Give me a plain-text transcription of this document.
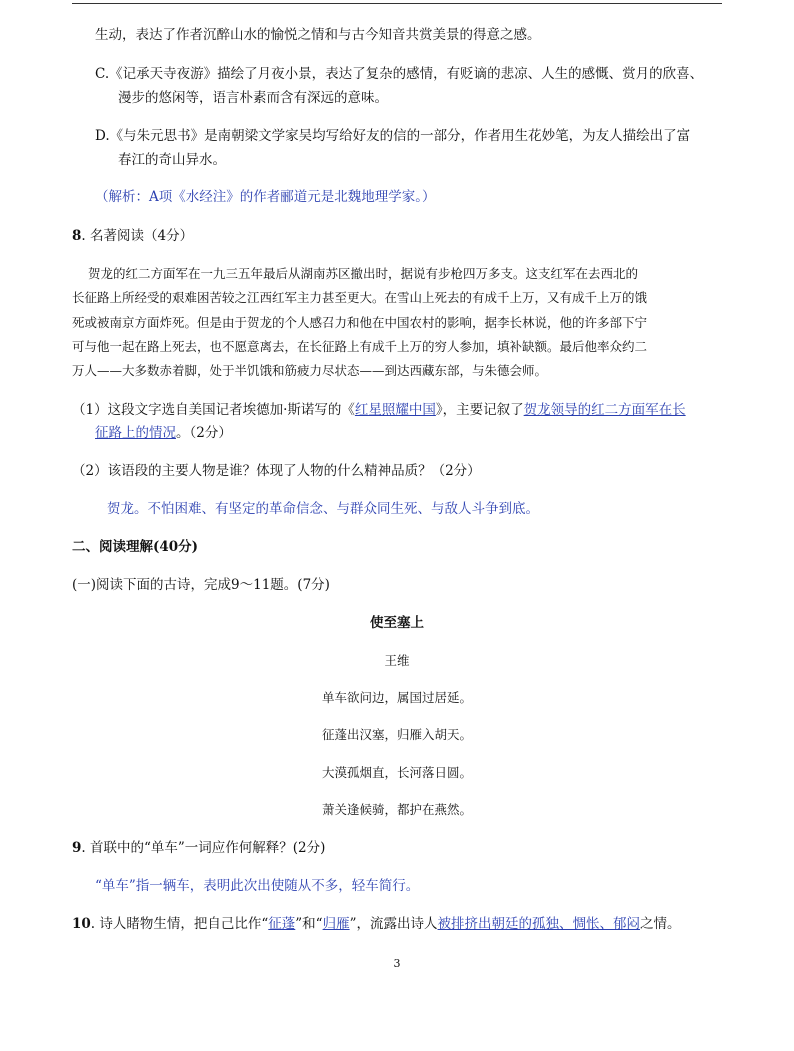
生动，表达了作者沉醉山水的愉悦之情和与古今知音共赏美景的得意之感。
C.《记承天寺夜游》描绘了月夜小景，表达了复杂的感情，有贬谪的悲凉、人生的感慨、赏月的欣喜、
漫步的悠闲等，语言朴素而含有深远的意味。
D.《与朱元思书》是南朝梁文学家吴均写给好友的信的一部分，作者用生花妙笔，为友人描绘出了富
春江的奇山异水。
（解析：A项《水经注》的作者郦道元是北魏地理学家。）
8. 名著阅读（4分）
贺龙的红二方面军在一九三五年最后从湖南苏区撤出时，据说有步枪四万多支。这支红军在去西北的
长征路上所经受的艰难困苦较之江西红军主力甚至更大。在雪山上死去的有成千上万，又有成千上万的饿
死或被南京方面炸死。但是由于贺龙的个人感召力和他在中国农村的影响，据李长林说，他的许多部下宁
可与他一起在路上死去，也不愿意离去，在长征路上有成千上万的穷人参加，填补缺额。最后他率众约二
万人——大多数赤着脚，处于半饥饿和筋疲力尽状态——到达西藏东部，与朱德会师。
（1）这段文字选自美国记者埃德加·斯诺写的《红星照耀中国》，主要记叙了贺龙领导的红二方面军在长
征路上的情况。（2分）
（2）该语段的主要人物是谁？体现了人物的什么精神品质？（2分）
贺龙。不怕困难、有坚定的革命信念、与群众同生死、与敌人斗争到底。
二、阅读理解(40分)
(一)阅读下面的古诗，完成9～11题。(7分)
使至塞上
王维
单车欲问边，属国过居延。
征蓬出汉塞，归雁入胡天。
大漠孤烟直，长河落日圆。
萧关逢候骑，都护在燕然。
9. 首联中的“单车”一词应作何解释？(2分)
“单车”指一辆车，表明此次出使随从不多，轻车简行。
10. 诗人睹物生情，把自己比作“征蓬”和“归雁”，流露出诗人被排挤出朝廷的孤独、惆怅、郁闷之情。
3
